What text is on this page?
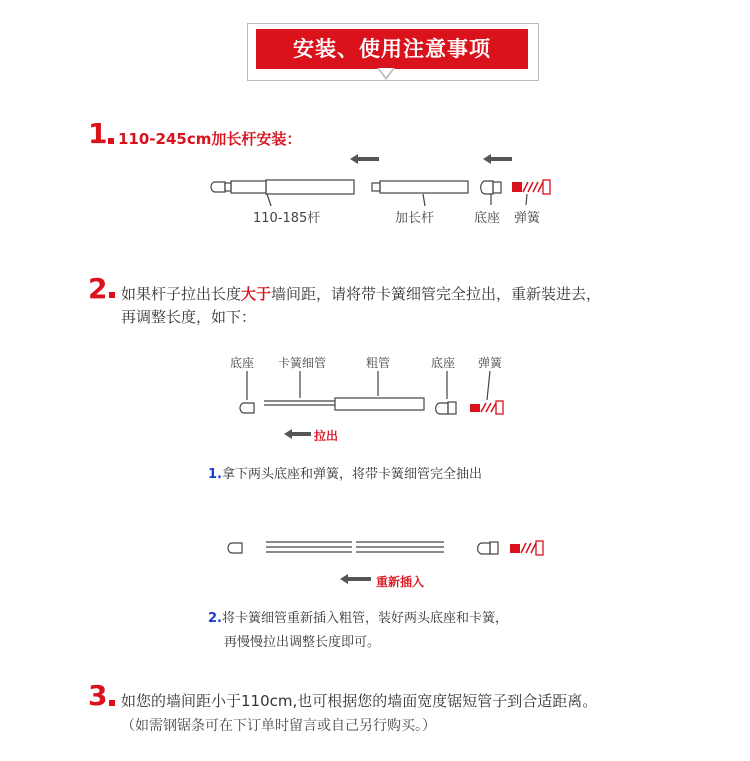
安装、使用注意事项
1 110-245cm加长杆安装：
110-185杆	加长杆	底座 弹簧
2 如果杆子拉出长度大于墙间距，请将带卡簧细管完全拉出，重新装进去，
再调整长度，如下：
底座 卡簧细管	粗管	底座 弹簧
拉出
1.拿下两头底座和弹簧，将带卡簧细管完全抽出
重新插入
2.将卡簧细管重新插入粗管，装好两头底座和卡簧，
再慢慢拉出调整长度即可。
3 如您的墙间距小于110cm,也可根据您的墙面宽度锯短管子到合适距离。
（如需钢锯条可在下订单时留言或自己另行购买。）
